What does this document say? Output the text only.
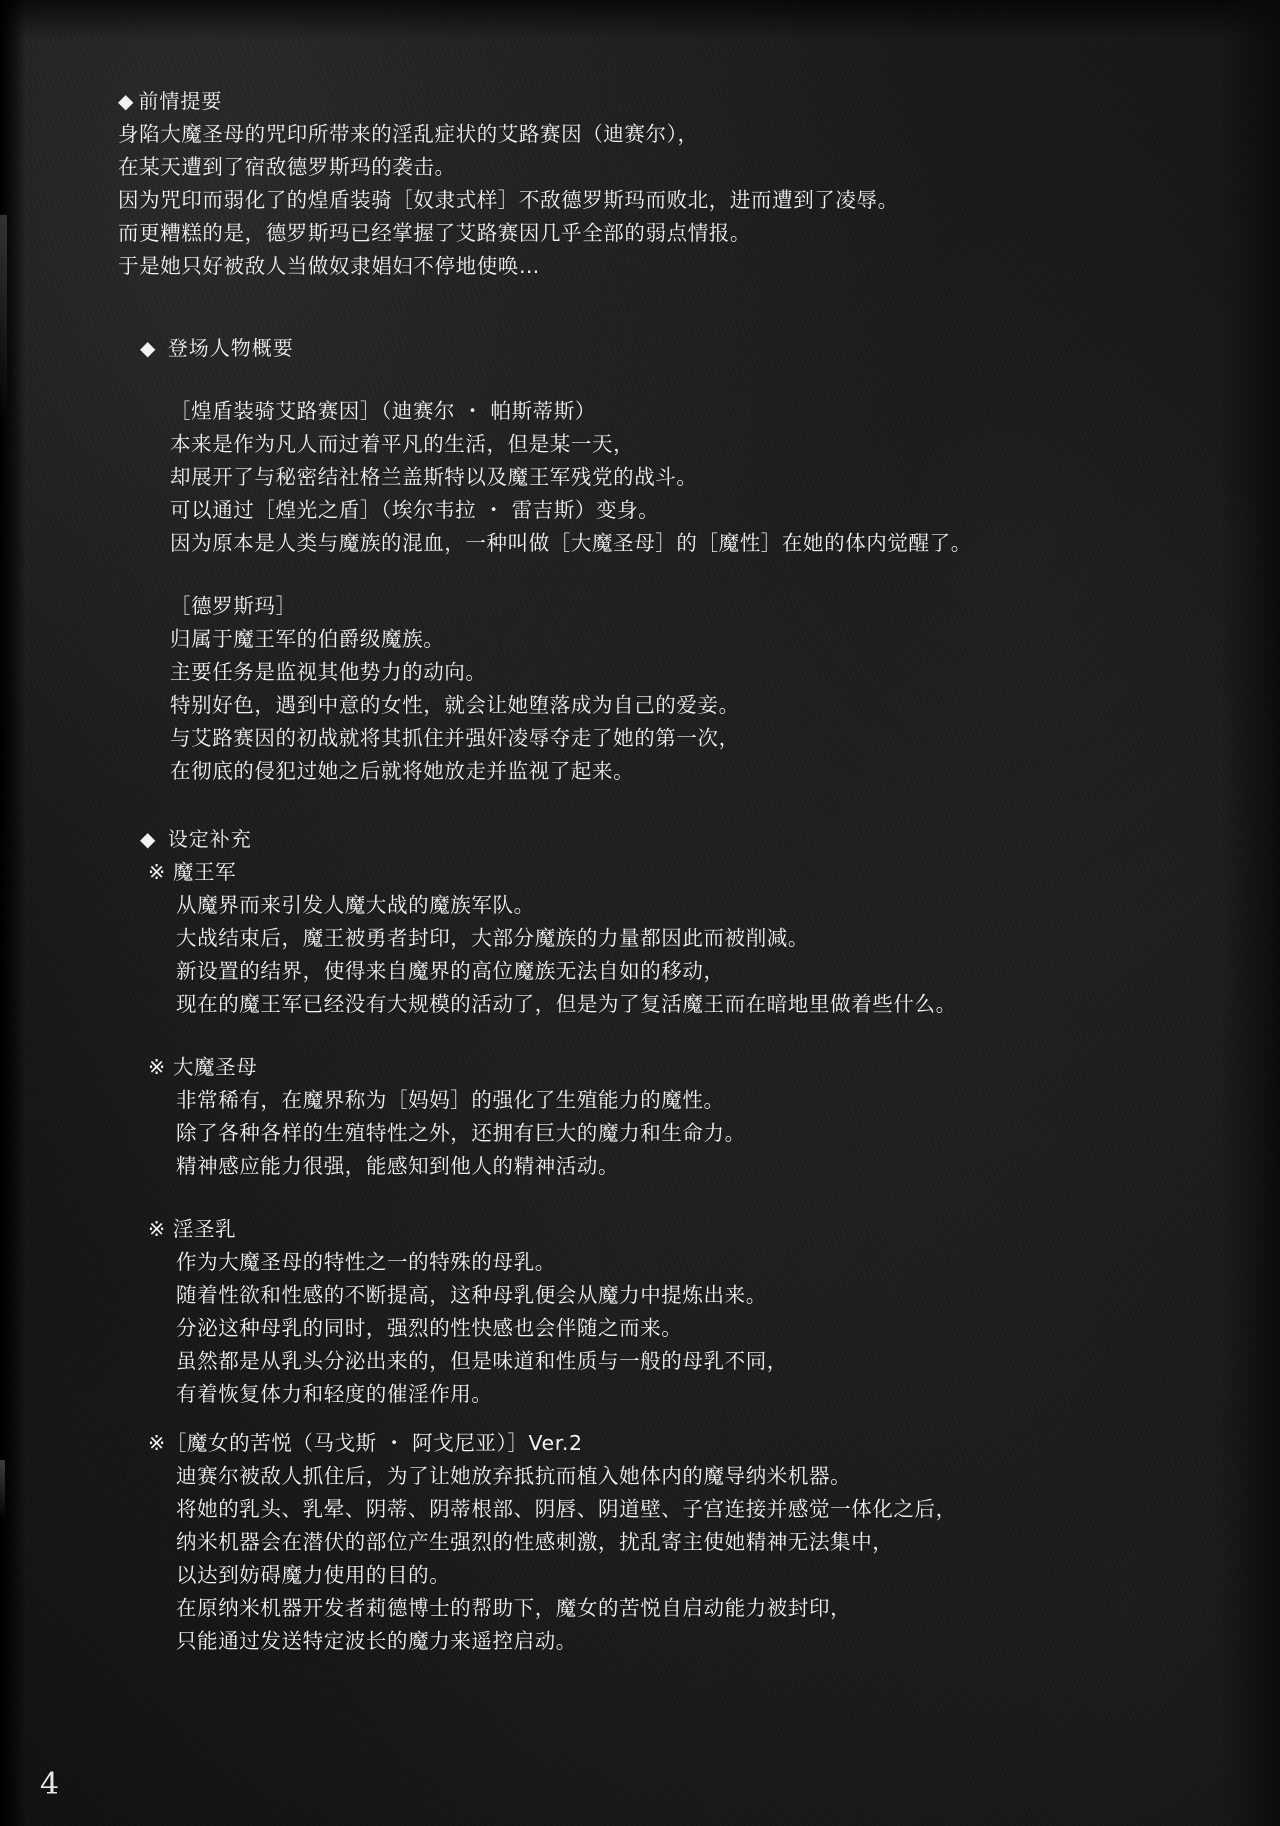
◆ 前情提要
身陷大魔圣母的咒印所带来的淫乱症状的艾路赛因（迪赛尔），
在某天遭到了宿敌德罗斯玛的袭击。
因为咒印而弱化了的煌盾装骑［奴隶式样］不敌德罗斯玛而败北，进而遭到了凌辱。
而更糟糕的是，德罗斯玛已经掌握了艾路赛因几乎全部的弱点情报。
于是她只好被敌人当做奴隶娼妇不停地使唤…
◆ 登场人物概要
［煌盾装骑艾路赛因］（迪赛尔 ・ 帕斯蒂斯）
本来是作为凡人而过着平凡的生活，但是某一天，
却展开了与秘密结社格兰盖斯特以及魔王军残党的战斗。
可以通过［煌光之盾］（埃尔韦拉 ・ 雷吉斯）变身。
因为原本是人类与魔族的混血，一种叫做［大魔圣母］的［魔性］在她的体内觉醒了。
［德罗斯玛］
归属于魔王军的伯爵级魔族。
主要任务是监视其他势力的动向。
特别好色，遇到中意的女性，就会让她堕落成为自己的爱妾。
与艾路赛因的初战就将其抓住并强奸凌辱夺走了她的第一次，
在彻底的侵犯过她之后就将她放走并监视了起来。
◆ 设定补充
※ 魔王军
从魔界而来引发人魔大战的魔族军队。
大战结束后，魔王被勇者封印，大部分魔族的力量都因此而被削减。
新设置的结界，使得来自魔界的高位魔族无法自如的移动，
现在的魔王军已经没有大规模的活动了，但是为了复活魔王而在暗地里做着些什么。
※ 大魔圣母
非常稀有，在魔界称为［妈妈］的强化了生殖能力的魔性。
除了各种各样的生殖特性之外，还拥有巨大的魔力和生命力。
精神感应能力很强，能感知到他人的精神活动。
※ 淫圣乳
作为大魔圣母的特性之一的特殊的母乳。
随着性欲和性感的不断提高，这种母乳便会从魔力中提炼出来。
分泌这种母乳的同时，强烈的性快感也会伴随之而来。
虽然都是从乳头分泌出来的，但是味道和性质与一般的母乳不同，
有着恢复体力和轻度的催淫作用。
※［魔女的苦悦（马戈斯 ・ 阿戈尼亚）］Ver.2
迪赛尔被敌人抓住后，为了让她放弃抵抗而植入她体内的魔导纳米机器。
将她的乳头、乳晕、阴蒂、阴蒂根部、阴唇、阴道壁、子宫连接并感觉一体化之后，
纳米机器会在潜伏的部位产生强烈的性感刺激，扰乱寄主使她精神无法集中，
以达到妨碍魔力使用的目的。
在原纳米机器开发者莉德博士的帮助下，魔女的苦悦自启动能力被封印，
只能通过发送特定波长的魔力来遥控启动。
4
